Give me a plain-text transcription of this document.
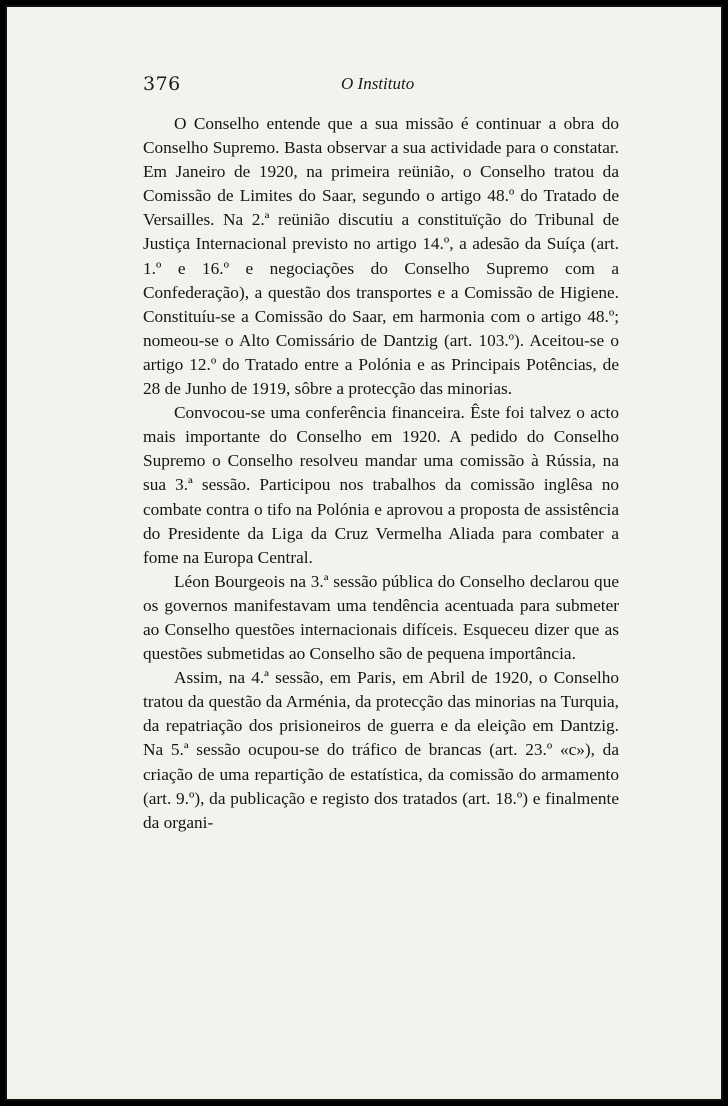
376	O Instituto

O Conselho entende que a sua missão é continuar a obra do Conselho Supremo. Basta observar a sua actividade para o constatar. Em Janeiro de 1920, na primeira reünião, o Conselho tratou da Comissão de Limites do Saar, segundo o artigo 48.º do Tratado de Versailles. Na 2.ª reünião discutiu a constituïção do Tribunal de Justiça Internacional previsto no artigo 14.º, a adesão da Suíça (art. 1.º e 16.º e negociações do Conselho Supremo com a Confederação), a questão dos transportes e a Comissão de Higiene. Constituíu-se a Comissão do Saar, em harmonia com o artigo 48.º; nomeou-se o Alto Comissário de Dantzig (art. 103.º). Aceitou-se o artigo 12.º do Tratado entre a Polónia e as Principais Potências, de 28 de Junho de 1919, sôbre a protecção das minorias.

Convocou-se uma conferência financeira. Êste foi talvez o acto mais importante do Conselho em 1920. A pedido do Conselho Supremo o Conselho resolveu mandar uma comissão à Rússia, na sua 3.ª sessão. Participou nos trabalhos da comissão inglêsa no combate contra o tifo na Polónia e aprovou a proposta de assistência do Presidente da Liga da Cruz Vermelha Aliada para combater a fome na Europa Central.

Léon Bourgeois na 3.ª sessão pública do Conselho declarou que os governos manifestavam uma tendência acentuada para submeter ao Conselho questões internacionais difíceis. Esqueceu dizer que as questões submetidas ao Conselho são de pequena importância.

Assim, na 4.ª sessão, em Paris, em Abril de 1920, o Conselho tratou da questão da Arménia, da protecção das minorias na Turquia, da repatriação dos prisioneiros de guerra e da eleição em Dantzig. Na 5.ª sessão ocupou-se do tráfico de brancas (art. 23.º «c»), da criação de uma repartição de estatística, da comissão do armamento (art. 9.º), da publicação e registo dos tratados (art. 18.º) e finalmente da organi-
